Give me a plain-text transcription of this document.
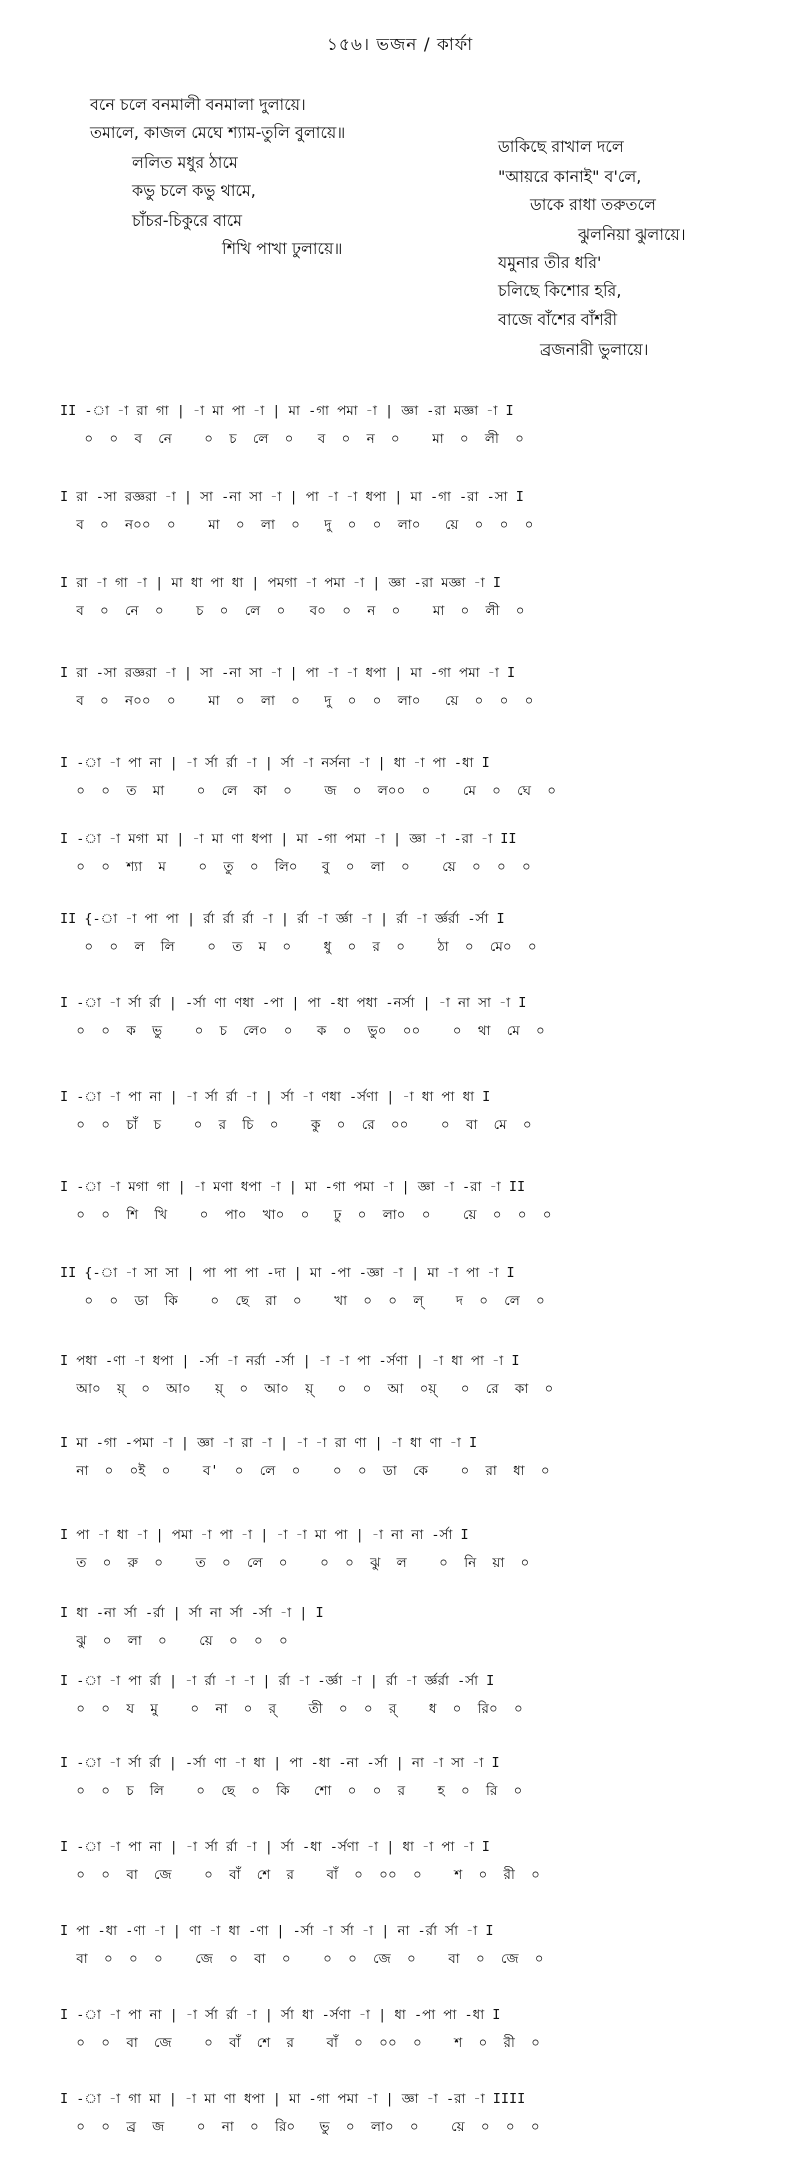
১৫৬। ভজন / কার্ফা
বনে চলে বনমালী বনমালা দুলায়ে।
তমালে, কাজল মেঘে শ্যাম-তুলি বুলায়ে॥
ললিত মধুর ঠামে
কভু চলে কভু থামে,
চাঁচর-চিকুরে বামে
শিখি পাখা ঢুলায়ে॥
ডাকিছে রাখাল দলে
"আয়রে কানাই" ব'লে,
ডাকে রাধা তরুতলে
ঝুলনিয়া ঝুলায়ে।
যমুনার তীর ধরি'
চলিছে কিশোর হরি,
বাজে বাঁশের বাঁশরী
ব্রজনারী ভুলায়ে।
II -া -া রা গা | -া মা পা -া | মা -গা পমা -া | জ্ঞা -রা মজ্ঞা -া I
০  ০  ব  নে    ০  চ  লে  ০   ব  ০  ন  ০    মা  ০  লী  ০
I রা -সা রজ্ঞরা -া | সা -না সা -া | পা -া -া ধপা | মা -গা -রা -সা I
ব  ০  ন০০  ০    মা  ০  লা  ০   দু  ০  ০  লা০   য়ে  ০  ০  ০
I রা -া গা -া | মা ধা পা ধা | পমগা -া পমা -া | জ্ঞা -রা মজ্ঞা -া I
ব  ০  নে  ০    চ  ০  লে  ০   ব০  ০  ন  ০    মা  ০  লী  ০
I রা -সা রজ্ঞরা -া | সা -না সা -া | পা -া -া ধপা | মা -গা পমা -া I
ব  ০  ন০০  ০    মা  ০  লা  ০   দু  ০  ০  লা০   য়ে  ০  ০  ০
I -া -া পা না | -া র্সা র্রা -া | র্সা -া নর্সনা -া | ধা -া পা -ধা I
০  ০  ত  মা    ০  লে  কা  ০    জ  ০  ল০০  ০    মে  ০  ঘে  ০
I -া -া মগা মা | -া মা ণা ধপা | মা -গা পমা -া | জ্ঞা -া -রা -া II
০  ০  শ্যা  ম    ০  তু  ০  লি০   বু  ০  লা  ০    য়ে  ০  ০  ০
II {-া -া পা পা | র্রা র্রা র্রা -া | র্রা -া র্জ্ঞা -া | র্রা -া র্জ্ঞর্রা -র্সা I
০  ০  ল  লি    ০  ত  ম  ০    ধু  ০  র  ০    ঠা  ০  মে০  ০
I -া -া র্সা র্রা | -র্সা ণা ণধা -পা | পা -ধা পধা -নর্সা | -া না সা -া I
০  ০  ক  ভু    ০  চ  লে০  ০   ক  ০  ভু০  ০০    ০  থা  মে  ০
I -া -া পা না | -া র্সা র্রা -া | র্সা -া ণধা -র্সণা | -া ধা পা ধা I
০  ০  চাঁ  চ    ০  র  চি  ০    কু  ০  রে  ০০    ০  বা  মে  ০
I -া -া মগা গা | -া মণা ধপা -া | মা -গা পমা -া | জ্ঞা -া -রা -া II
০  ০  শি  খি    ০  পা০  খা০  ০   ঢু  ০  লা০  ০    য়ে  ০  ০  ০
II {-া -া সা সা | পা পা পা -দা | মা -পা -জ্ঞা -া | মা -া পা -া I
০  ০  ডা  কি    ০  ছে  রা  ০    খা  ০  ০  ল্    দ  ০  লে  ০
I পধা -ণা -া ধপা | -র্সা -া নর্রা -র্সা | -া -া পা -র্সণা | -া ধা পা -া I
আ০  য়্  ০  আ০   য়্  ০  আ০  য়্   ০  ০  আ  ০য়্   ০  রে  কা  ০
I মা -গা -পমা -া | জ্ঞা -া রা -া | -া -া রা ণা | -া ধা ণা -া I
না  ০  ০ই  ০    ব'  ০  লে  ০    ০  ০  ডা  কে    ০  রা  ধা  ০
I পা -া ধা -া | পমা -া পা -া | -া -া মা পা | -া না না -র্সা I
ত  ০  রু  ০    ত  ০  লে  ০    ০  ০  ঝু  ল    ০  নি  য়া  ০
I ধা -না র্সা -র্রা | র্সা না র্সা -র্সা -া | I
ঝু  ০  লা  ০    য়ে  ০  ০  ০
I -া -া পা র্রা | -া র্রা -া -া | র্রা -া -র্জ্ঞা -া | র্রা -া র্জ্ঞর্রা -র্সা I
০  ০  য  মু    ০  না  ০  র্    তী  ০  ০  র্    ধ  ০  রি০  ০
I -া -া র্সা র্রা | -র্সা ণা -া ধা | পা -ধা -না -র্সা | না -া সা -া I
০  ০  চ  লি    ০  ছে  ০  কি   শো  ০  ০  র    হ  ০  রি  ০
I -া -া পা না | -া র্সা র্রা -া | র্সা -ধা -র্সণা -া | ধা -া পা -া I
০  ০  বা  জে    ০  বাঁ  শে  র    বাঁ  ০  ০০  ০    শ  ০  রী  ০
I পা -ধা -ণা -া | ণা -া ধা -ণা | -র্সা -া র্সা -া | না -র্রা র্সা -া I
বা  ০  ০  ০    জে  ০  বা  ০    ০  ০  জে  ০    বা  ০  জে  ০
I -া -া পা না | -া র্সা র্রা -া | র্সা ধা -র্সণা -া | ধা -পা পা -ধা I
০  ০  বা  জে    ০  বাঁ  শে  র    বাঁ  ০  ০০  ০    শ  ০  রী  ০
I -া -া গা মা | -া মা ণা ধপা | মা -গা পমা -া | জ্ঞা -া -রা -া IIII
০  ০  ব্র  জ    ০  না  ০  রি০   ভু  ০  লা০  ০    য়ে  ০  ০  ০
